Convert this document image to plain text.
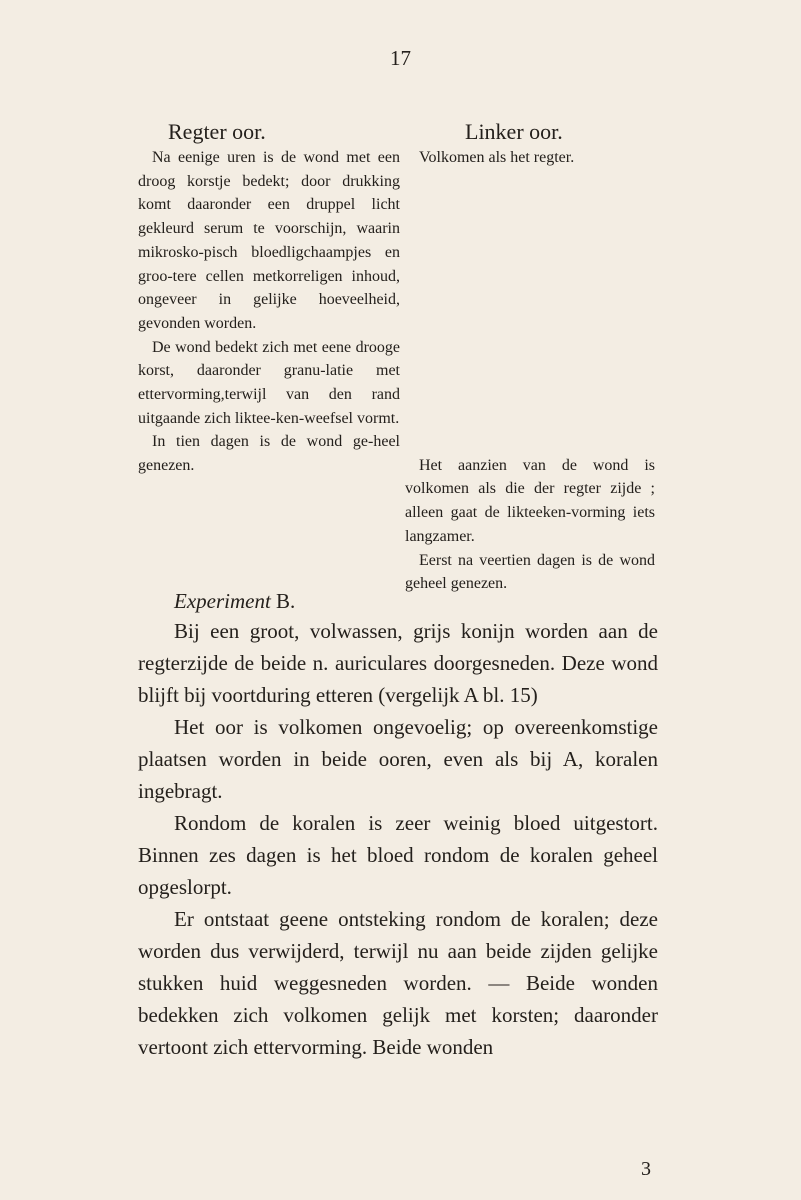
17
Regter oor.

Na eenige uren is de wond met een droog korstje bedekt; door drukking komt daaronder een druppel licht gekleurd serum te voorschijn, waarin mikrosko-pisch bloedligchaampjes en groo-tere cellen metkorreligen inhoud, ongeveer in gelijke hoeveelheid, gevonden worden.

De wond bedekt zich met eene drooge korst, daaronder granu-latie met ettervorming,terwijl van den rand uitgaande zich liktee-ken-weefsel vormt.

In tien dagen is de wond ge-heel genezen.

Linker oor.

Volkomen als het regter.

Het aanzien van de wond is volkomen als die der regter zijde ; alleen gaat de likteeken-vorming iets langzamer.

Eerst na veertien dagen is de wond geheel genezen.

Experiment B.

Bij een groot, volwassen, grijs konijn worden aan de regterzijde de beide n. auriculares doorgesneden. Deze wond blijft bij voortduring etteren (vergelijk A bl. 15)

Het oor is volkomen ongevoelig; op overeenkomstige plaatsen worden in beide ooren, even als bij A, koralen ingebragt.

Rondom de koralen is zeer weinig bloed uitgestort. Binnen zes dagen is het bloed rondom de koralen geheel opgeslorpt.

Er ontstaat geene ontsteking rondom de koralen; deze worden dus verwijderd, terwijl nu aan beide zijden gelijke stukken huid weggesneden worden. — Beide wonden bedekken zich volkomen gelijk met korsten; daaronder vertoont zich ettervorming. Beide wonden

3
